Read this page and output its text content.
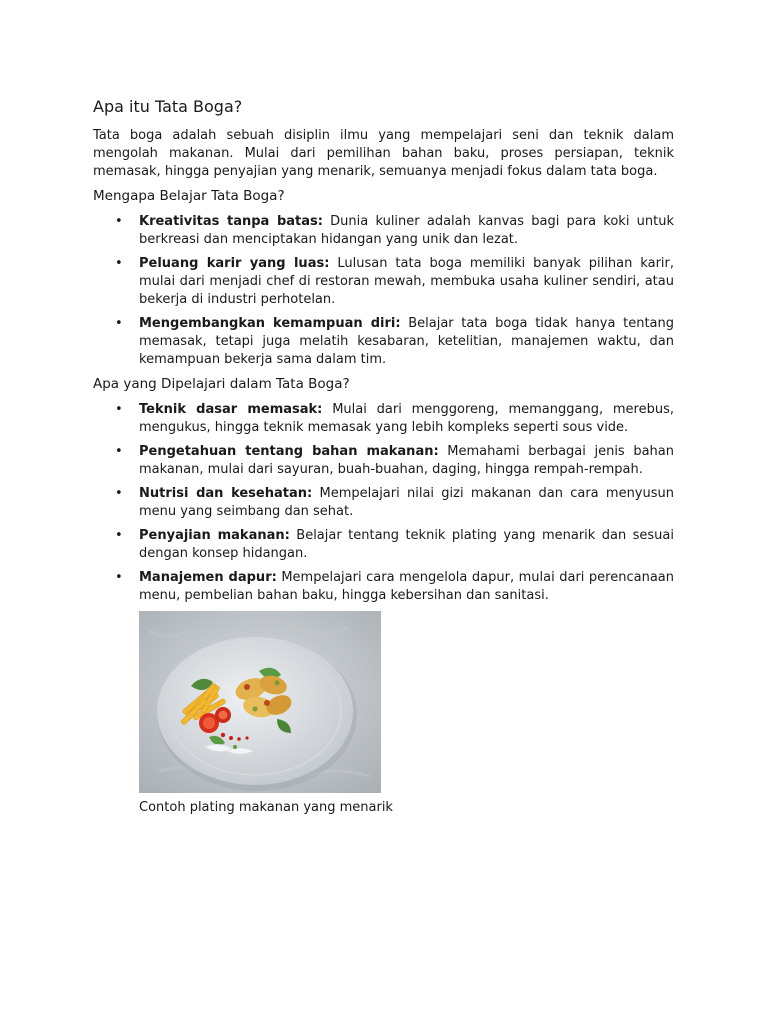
Apa itu Tata Boga?

Tata boga adalah sebuah disiplin ilmu yang mempelajari seni dan teknik dalam mengolah makanan. Mulai dari pemilihan bahan baku, proses persiapan, teknik memasak, hingga penyajian yang menarik, semuanya menjadi fokus dalam tata boga.

Mengapa Belajar Tata Boga?
• Kreativitas tanpa batas: Dunia kuliner adalah kanvas bagi para koki untuk berkreasi dan menciptakan hidangan yang unik dan lezat.
• Peluang karir yang luas: Lulusan tata boga memiliki banyak pilihan karir, mulai dari menjadi chef di restoran mewah, membuka usaha kuliner sendiri, atau bekerja di industri perhotelan.
• Mengembangkan kemampuan diri: Belajar tata boga tidak hanya tentang memasak, tetapi juga melatih kesabaran, ketelitian, manajemen waktu, dan kemampuan bekerja sama dalam tim.
Apa yang Dipelajari dalam Tata Boga?
• Teknik dasar memasak: Mulai dari menggoreng, memanggang, merebus, mengukus, hingga teknik memasak yang lebih kompleks seperti sous vide.
• Pengetahuan tentang bahan makanan: Memahami berbagai jenis bahan makanan, mulai dari sayuran, buah-buahan, daging, hingga rempah-rempah.
• Nutrisi dan kesehatan: Mempelajari nilai gizi makanan dan cara menyusun menu yang seimbang dan sehat.
• Penyajian makanan: Belajar tentang teknik plating yang menarik dan sesuai dengan konsep hidangan.
• Manajemen dapur: Mempelajari cara mengelola dapur, mulai dari perencanaan menu, pembelian bahan baku, hingga kebersihan dan sanitasi.
Contoh plating makanan yang menarik
